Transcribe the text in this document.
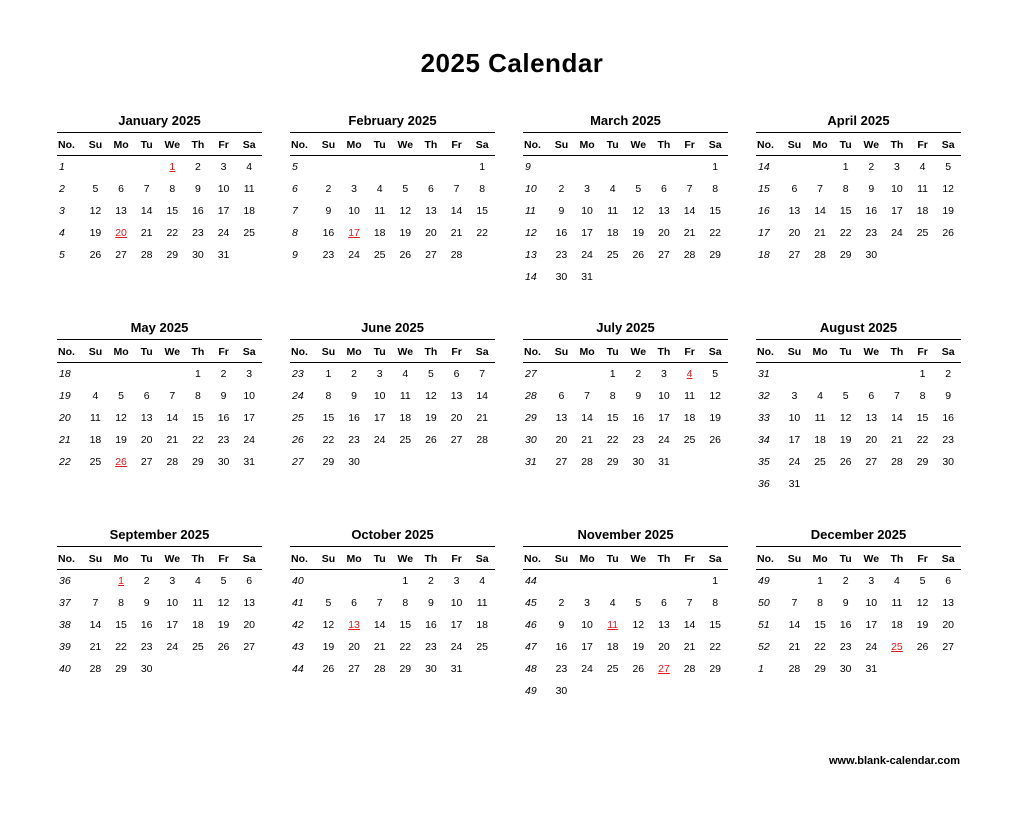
2025 Calendar
January 2025
No.	Su	Mo	Tu	We	Th	Fr	Sa
1				1	2	3	4
2	5	6	7	8	9	10	11
3	12	13	14	15	16	17	18
4	19	20	21	22	23	24	25
5	26	27	28	29	30	31	
February 2025
No.	Su	Mo	Tu	We	Th	Fr	Sa
5							1
6	2	3	4	5	6	7	8
7	9	10	11	12	13	14	15
8	16	17	18	19	20	21	22
9	23	24	25	26	27	28	
March 2025
No.	Su	Mo	Tu	We	Th	Fr	Sa
9							1
10	2	3	4	5	6	7	8
11	9	10	11	12	13	14	15
12	16	17	18	19	20	21	22
13	23	24	25	26	27	28	29
14	30	31					
April 2025
No.	Su	Mo	Tu	We	Th	Fr	Sa
14			1	2	3	4	5
15	6	7	8	9	10	11	12
16	13	14	15	16	17	18	19
17	20	21	22	23	24	25	26
18	27	28	29	30			
May 2025
No.	Su	Mo	Tu	We	Th	Fr	Sa
18					1	2	3
19	4	5	6	7	8	9	10
20	11	12	13	14	15	16	17
21	18	19	20	21	22	23	24
22	25	26	27	28	29	30	31
June 2025
No.	Su	Mo	Tu	We	Th	Fr	Sa
23	1	2	3	4	5	6	7
24	8	9	10	11	12	13	14
25	15	16	17	18	19	20	21
26	22	23	24	25	26	27	28
27	29	30					
July 2025
No.	Su	Mo	Tu	We	Th	Fr	Sa
27			1	2	3	4	5
28	6	7	8	9	10	11	12
29	13	14	15	16	17	18	19
30	20	21	22	23	24	25	26
31	27	28	29	30	31		
August 2025
No.	Su	Mo	Tu	We	Th	Fr	Sa
31						1	2
32	3	4	5	6	7	8	9
33	10	11	12	13	14	15	16
34	17	18	19	20	21	22	23
35	24	25	26	27	28	29	30
36	31						
September 2025
No.	Su	Mo	Tu	We	Th	Fr	Sa
36		1	2	3	4	5	6
37	7	8	9	10	11	12	13
38	14	15	16	17	18	19	20
39	21	22	23	24	25	26	27
40	28	29	30				
October 2025
No.	Su	Mo	Tu	We	Th	Fr	Sa
40				1	2	3	4
41	5	6	7	8	9	10	11
42	12	13	14	15	16	17	18
43	19	20	21	22	23	24	25
44	26	27	28	29	30	31	
November 2025
No.	Su	Mo	Tu	We	Th	Fr	Sa
44							1
45	2	3	4	5	6	7	8
46	9	10	11	12	13	14	15
47	16	17	18	19	20	21	22
48	23	24	25	26	27	28	29
49	30						
December 2025
No.	Su	Mo	Tu	We	Th	Fr	Sa
49		1	2	3	4	5	6
50	7	8	9	10	11	12	13
51	14	15	16	17	18	19	20
52	21	22	23	24	25	26	27
1	28	29	30	31			
www.blank-calendar.com
